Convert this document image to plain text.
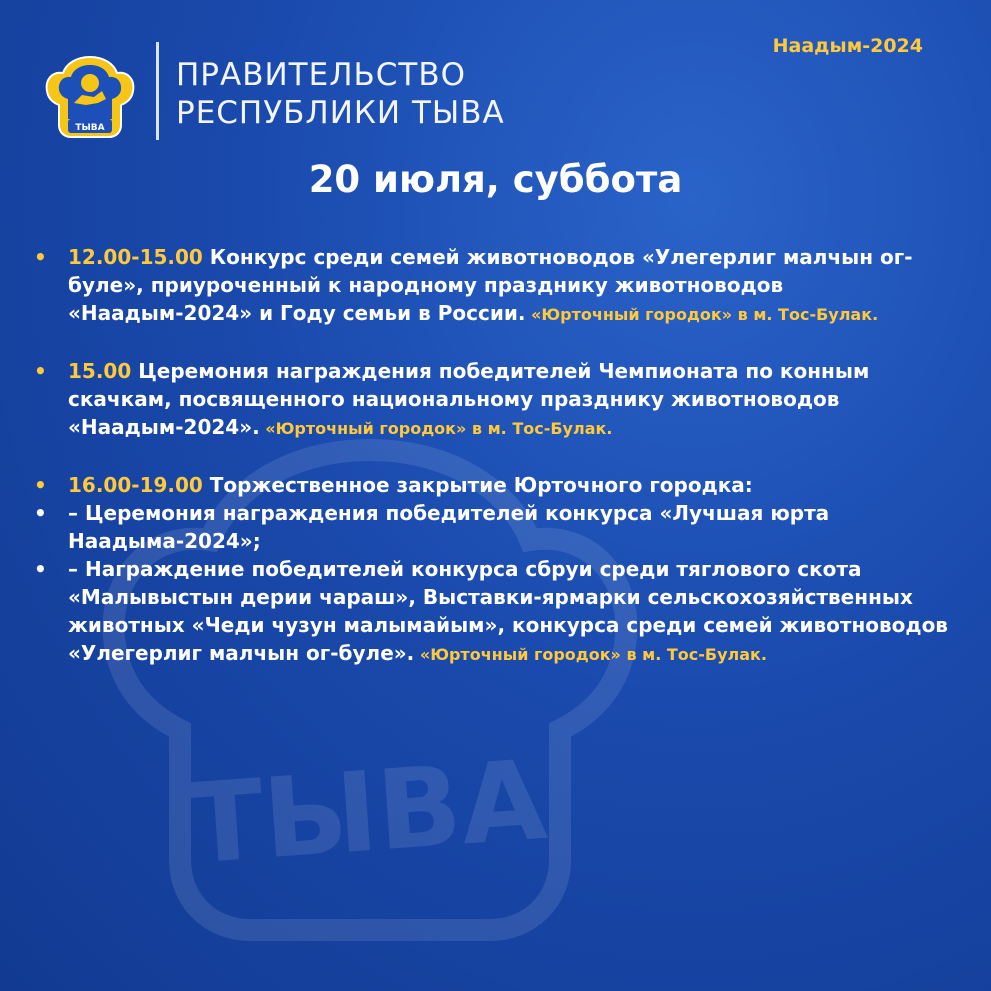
ТЫВА
ТЫВА
ПРАВИТЕЛЬСТВО
РЕСПУБЛИКИ ТЫВА
Наадым-2024
20 июля, суббота
•	12.00-15.00 Конкурс среди семей животноводов «Улегерлиг малчын ог-буле», приуроченный к народному празднику животноводов «Наадым-2024» и Году семьи в России. «Юрточный городок» в м. Тос-Булак.
•	15.00 Церемония награждения победителей Чемпионата по конным скачкам, посвященного национальному празднику животноводов «Наадым-2024». «Юрточный городок» в м. Тос-Булак.
•	16.00-19.00 Торжественное закрытие Юрточного городка:
•	– Церемония награждения победителей конкурса «Лучшая юрта Наадыма-2024»;
•	– Награждение победителей конкурса сбруи среди тяглового скота «Малывыстын дерии чараш», Выставки-ярмарки сельскохозяйственных животных «Чеди чузун малымайым», конкурса среди семей животноводов «Улегерлиг малчын ог-буле». «Юрточный городок» в м. Тос-Булак.
